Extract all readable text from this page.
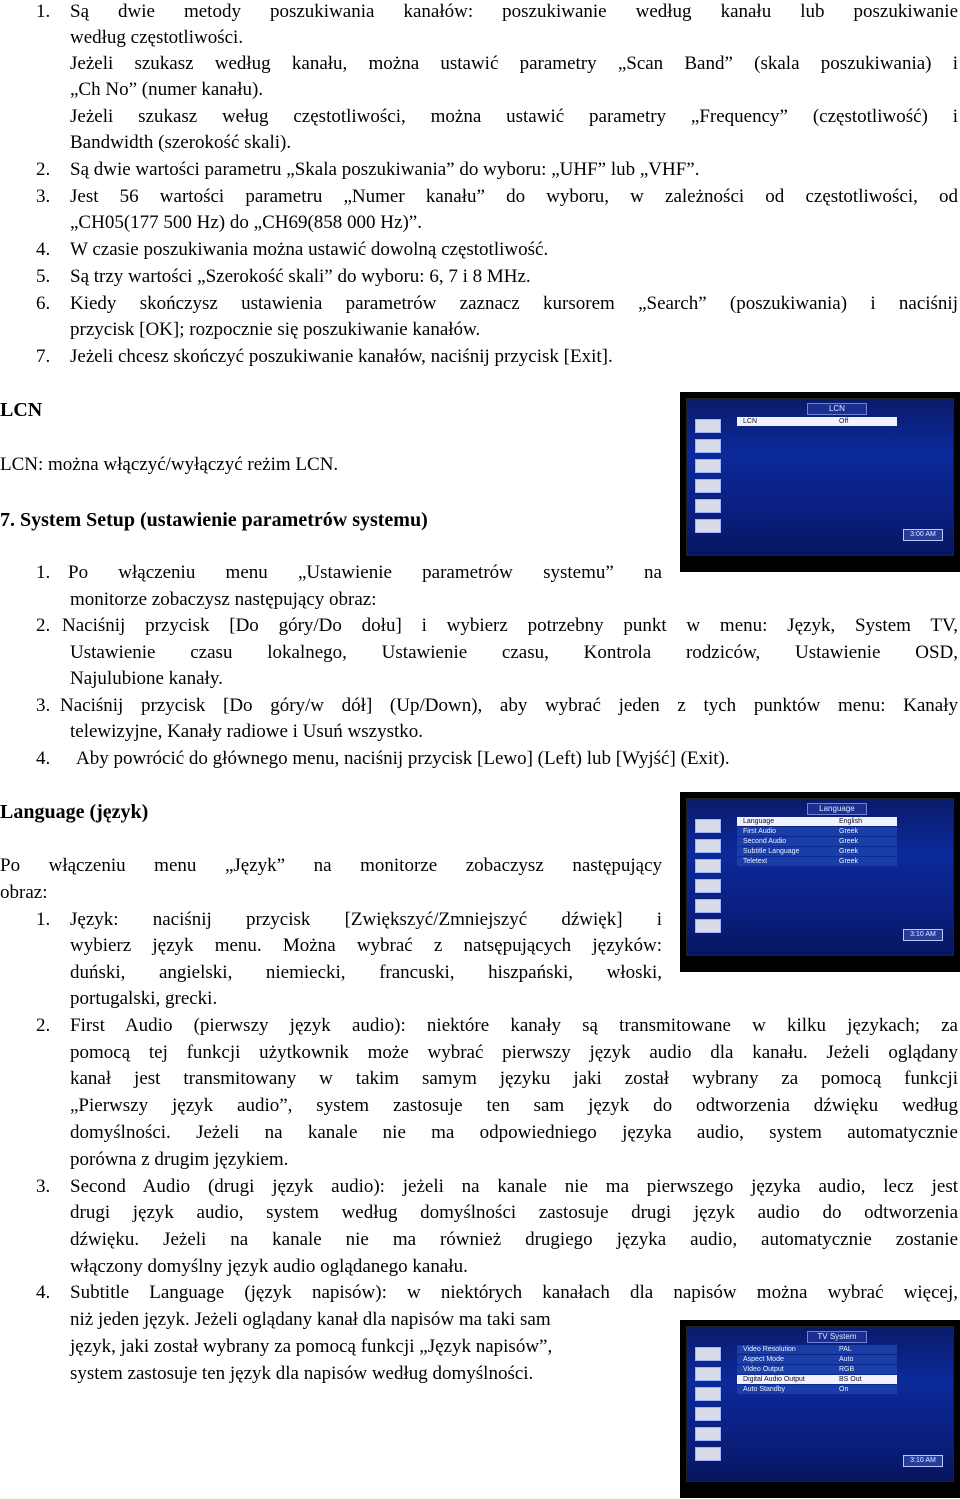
1. Są dwie metody poszukiwania kanałów: poszukiwanie według kanału lub poszukiwanie
według częstotliwości.
Jeżeli szukasz według kanału, można ustawić parametry „Scan Band” (skala poszukiwania) i
„Ch No” (numer kanału).
Jeżeli szukasz weług częstotliwości, można ustawić parametry „Frequency” (częstotliwość) i
Bandwidth (szerokość skali).
2. Są dwie wartości parametru „Skala poszukiwania” do wyboru: „UHF” lub „VHF”.
3. Jest 56 wartości parametru „Numer kanału” do wyboru, w zależności od częstotliwości, od
„CH05(177 500 Hz) do „CH69(858 000 Hz)”.
4. W czasie poszukiwania można ustawić dowolną częstotliwość.
5. Są trzy wartości „Szerokość skali” do wyboru: 6, 7 i 8 MHz.
6. Kiedy skończysz ustawienia parametrów zaznacz kursorem „Search” (poszukiwania) i naciśnij
przycisk [OK]; rozpocznie się poszukiwanie kanałów.
7. Jeżeli chcesz skończyć poszukiwanie kanałów, naciśnij przycisk [Exit].
LCN
LCN: można włączyć/wyłączyć reżim LCN.
LCN
LCN	Off
3:00 AM
7. System Setup (ustawienie parametrów systemu)
1. Po włączeniu menu „Ustawienie parametrów systemu” na
monitorze zobaczysz następujący obraz:
2. Naciśnij przycisk [Do góry/Do dołu] i wybierz potrzebny punkt w menu: Język, System TV,
Ustawienie czasu lokalnego, Ustawienie czasu, Kontrola rodziców, Ustawienie OSD,
Najulubione kanały.
3. Naciśnij przycisk [Do góry/w dół] (Up/Down), aby wybrać jeden z tych punktów menu: Kanały
telewizyjne, Kanały radiowe i Usuń wszystko.
4. Aby powrócić do głównego menu, naciśnij przycisk [Lewo] (Left) lub [Wyjść] (Exit).
Language (język)
Po włączeniu menu „Język” na monitorze zobaczysz następujący
obraz:
1. Język: naciśnij przycisk [Zwiększyć/Zmniejszyć dźwięk] i
wybierz język menu. Można wybrać z natsępujących języków:
duński, angielski, niemiecki, francuski, hiszpański, włoski,
portugalski, grecki.
Language
Language	English
First Audio	Greek
Second Audio	Greek
Subtitle Language	Greek
Teletext	Greek
3:10 AM
2. First Audio (pierwszy język audio): niektóre kanały są transmitowane w kilku językach; za
pomocą tej funkcji użytkownik może wybrać pierwszy język audio dla kanału. Jeżeli oglądany
kanał jest transmitowany w takim samym języku jaki został wybrany za pomocą funkcji
„Pierwszy język audio”, system zastosuje ten sam język do odtworzenia dźwięku według
domyślności. Jeżeli na kanale nie ma odpowiedniego języka audio, system automatycznie
porówna z drugim językiem.
3. Second Audio (drugi język audio): jeżeli na kanale nie ma pierwszego języka audio, lecz jest
drugi język audio, system według domyślności zastosuje drugi język audio do odtworzenia
dźwięku. Jeżeli na kanale nie ma również drugiego języka audio, automatycznie zostanie
włączony domyślny język audio oglądanego kanału.
4. Subtitle Language (język napisów): w niektórych kanałach dla napisów można wybrać więcej,
niż jeden język. Jeżeli oglądany kanał dla napisów ma taki sam
język, jaki został wybrany za pomocą funkcji „Język napisów”,
system zastosuje ten język dla napisów według domyślności.
TV System
Video Resolution	PAL
Aspect Mode	Auto
Video Output	RGB
Digital Audio Output	BS Out
Auto Standby	On
3:10 AM
